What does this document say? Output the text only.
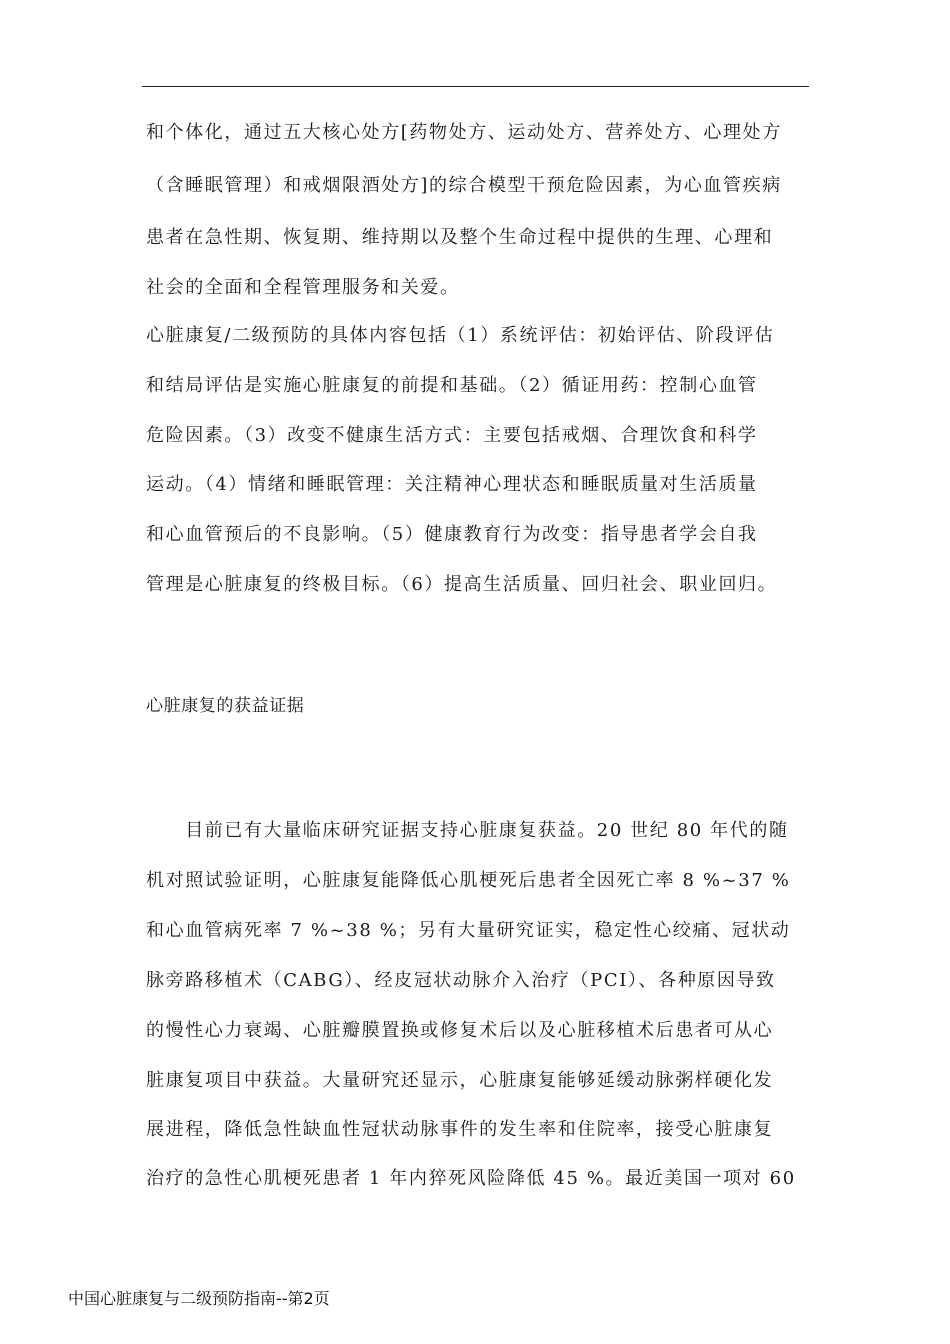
和个体化，通过五大核心处方[药物处方、运动处方、营养处方、心理处方
（含睡眠管理）和戒烟限酒处方]的综合模型干预危险因素，为心血管疾病
患者在急性期、恢复期、维持期以及整个生命过程中提供的生理、心理和
社会的全面和全程管理服务和关爱。
心脏康复/二级预防的具体内容包括（1）系统评估：初始评估、阶段评估
和结局评估是实施心脏康复的前提和基础。（2）循证用药：控制心血管
危险因素。（3）改变不健康生活方式：主要包括戒烟、合理饮食和科学
运动。（4）情绪和睡眠管理：关注精神心理状态和睡眠质量对生活质量
和心血管预后的不良影响。（5）健康教育行为改变：指导患者学会自我
管理是心脏康复的终极目标。（6）提高生活质量、回归社会、职业回归。
心脏康复的获益证据
　　目前已有大量临床研究证据支持心脏康复获益。20 世纪 80 年代的随
机对照试验证明，心脏康复能降低心肌梗死后患者全因死亡率 8 %~37 %
和心血管病死率 7 %~38 %；另有大量研究证实，稳定性心绞痛、冠状动
脉旁路移植术（CABG）、经皮冠状动脉介入治疗（PCI）、各种原因导致
的慢性心力衰竭、心脏瓣膜置换或修复术后以及心脏移植术后患者可从心
脏康复项目中获益。大量研究还显示，心脏康复能够延缓动脉粥样硬化发
展进程，降低急性缺血性冠状动脉事件的发生率和住院率，接受心脏康复
治疗的急性心肌梗死患者 1 年内猝死风险降低 45 %。最近美国一项对 60
中国心脏康复与二级预防指南--第2页
